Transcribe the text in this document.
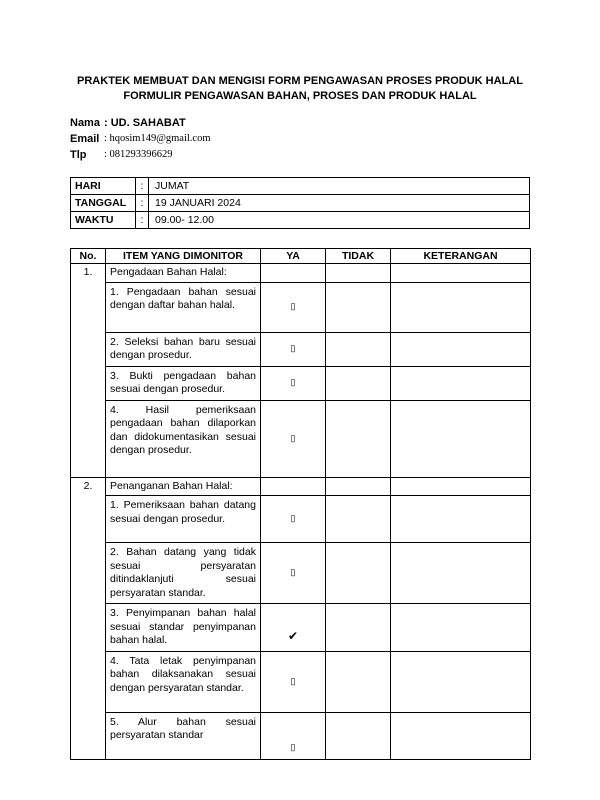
PRAKTEK MEMBUAT DAN MENGISI FORM PENGAWASAN PROSES PRODUK HALAL
FORMULIR PENGAWASAN BAHAN, PROSES DAN PRODUK HALAL
Nama : UD. SAHABAT
Email : hqosim149@gmail.com
Tlp	: 081293396629
HARI	:	JUMAT
TANGGAL	:	19 JANUARI 2024
WAKTU	:	09.00- 12.00
No.	ITEM YANG DIMONITOR	YA	TIDAK	KETERANGAN
1.	Pengadaan Bahan Halal:			
	1. Pengadaan bahan sesuai dengan daftar bahan halal.	▯		
	2. Seleksi bahan baru sesuai dengan prosedur.	▯		
	3. Bukti pengadaan bahan sesuai dengan prosedur.	▯		
	4. Hasil pemeriksaan pengadaan bahan dilaporkan dan didokumentasikan sesuai dengan prosedur.	▯		
2.	Penanganan Bahan Halal:			
	1. Pemeriksaan bahan datang sesuai dengan prosedur.	▯		
	2. Bahan datang yang tidak sesuai persyaratan ditindaklanjuti sesuai persyaratan standar.	▯		
	3. Penyimpanan bahan halal sesuai standar penyimpanan bahan halal.	✔		
	4. Tata letak penyimpanan bahan dilaksanakan sesuai dengan persyaratan standar.	▯		
	5. Alur bahan sesuai persyaratan standar	▯		
